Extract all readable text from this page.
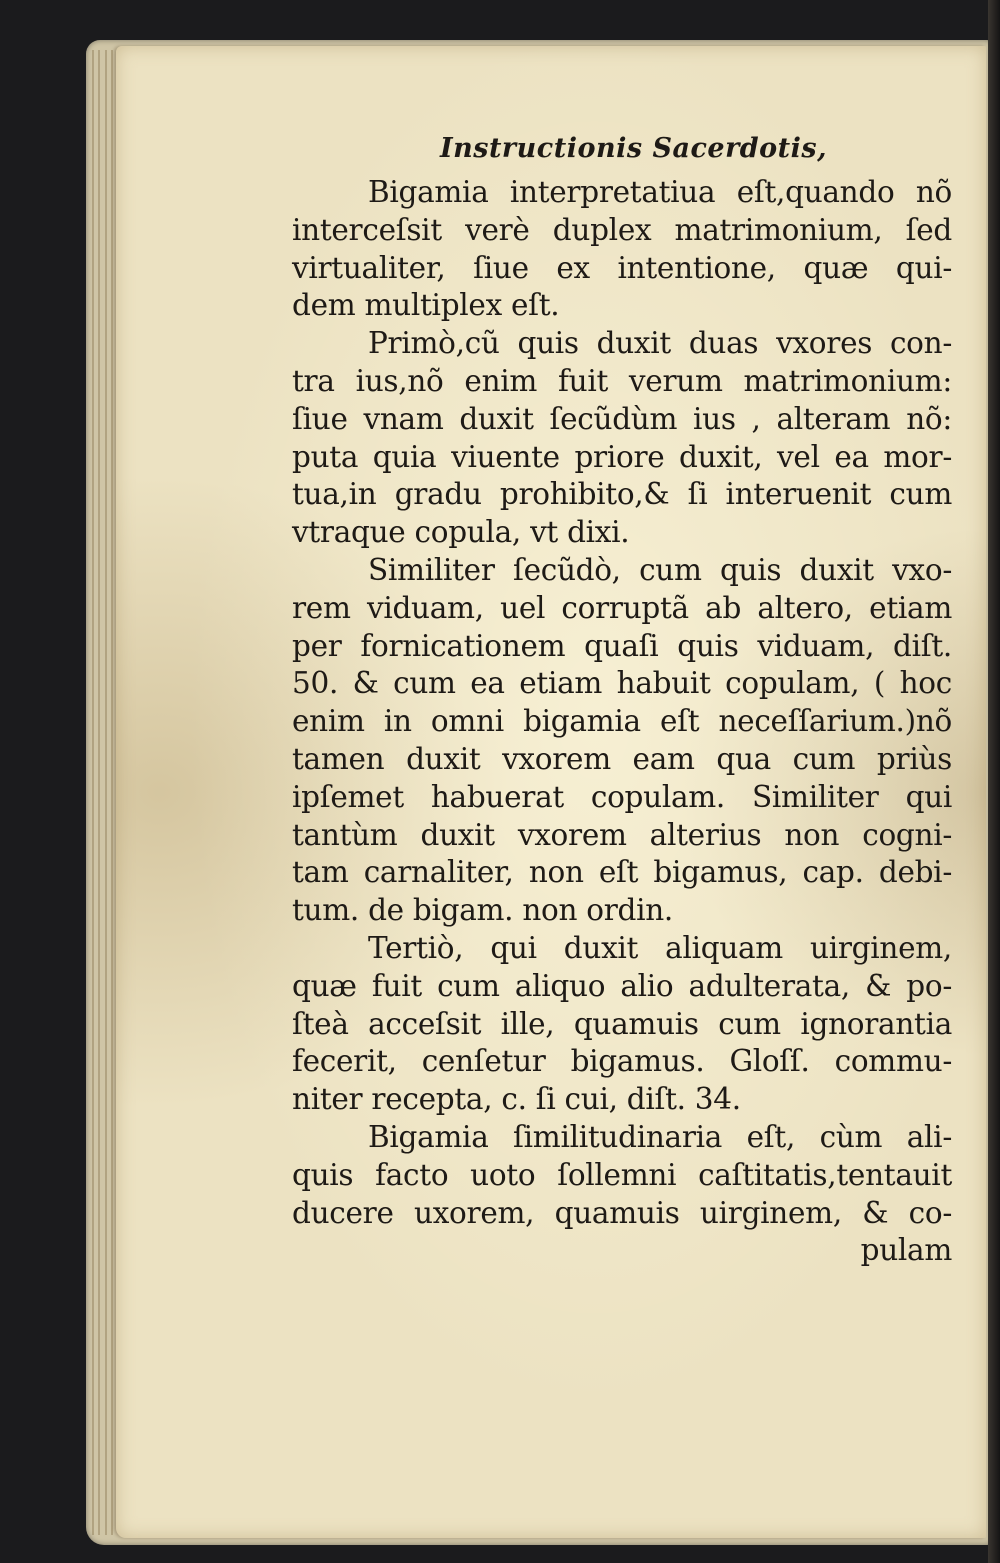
Instructionis Sacerdotis,
Bigamia interpretatiua eſt,quando nõ
interceſsit verè duplex matrimonium, ſed
virtualiter, ſiue ex intentione, quæ qui-
dem multiplex eſt.
Primò,cũ quis duxit duas vxores con-
tra ius,nõ enim fuit verum matrimonium:
ſiue vnam duxit ſecũdùm ius , alteram nõ:
puta quia viuente priore duxit, vel ea mor-
tua,in gradu prohibito,& ſi interuenit cum
vtraque copula, vt dixi.
Similiter ſecũdò, cum quis duxit vxo-
rem viduam, uel corruptã ab altero, etiam
per fornicationem quaſi quis viduam, diſt.
50. & cum ea etiam habuit copulam, ( hoc
enim in omni bigamia eſt neceſſarium.)nõ
tamen duxit vxorem eam qua cum priùs
ipſemet habuerat copulam. Similiter qui
tantùm duxit vxorem alterius non cogni-
tam carnaliter, non eſt bigamus, cap. debi-
tum. de bigam. non ordin.
Tertiò, qui duxit aliquam uirginem,
quæ fuit cum aliquo alio adulterata, & po-
ſteà acceſsit ille, quamuis cum ignorantia
fecerit, cenſetur bigamus. Gloſſ. commu-
niter recepta, c. ſi cui, diſt. 34.
Bigamia ſimilitudinaria eſt, cùm ali-
quis facto uoto ſollemni caſtitatis,tentauit
ducere uxorem, quamuis uirginem, & co-
pulam
